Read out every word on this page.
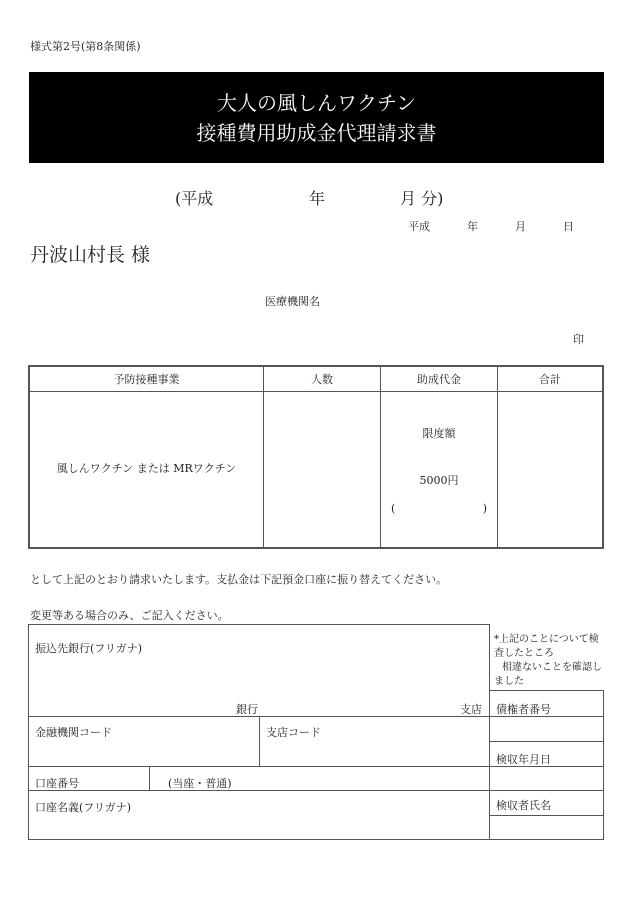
様式第2号(第8条関係)
大人の風しんワクチン
接種費用助成金代理請求書
(平成	年	月 分)
平成	年	月	日
丹波山村長 様
医療機関名
印
予防接種事業	人数	助成代金	合計
風しんワクチン または MRワクチン		限度額
5000円
( )	

として上記のとおり請求いたします。支払金は下記預金口座に振り替えてください。
変更等ある場合のみ、ご記入ください。
振込先銀行(フリガナ)
銀行	支店
金融機関コード	支店コード
口座番号	(当座・普通)
口座名義(フリガナ)
*上記のことについて検
査したところ
相違ないことを確認し
ました
債権者番号
検収年月日
検収者氏名
